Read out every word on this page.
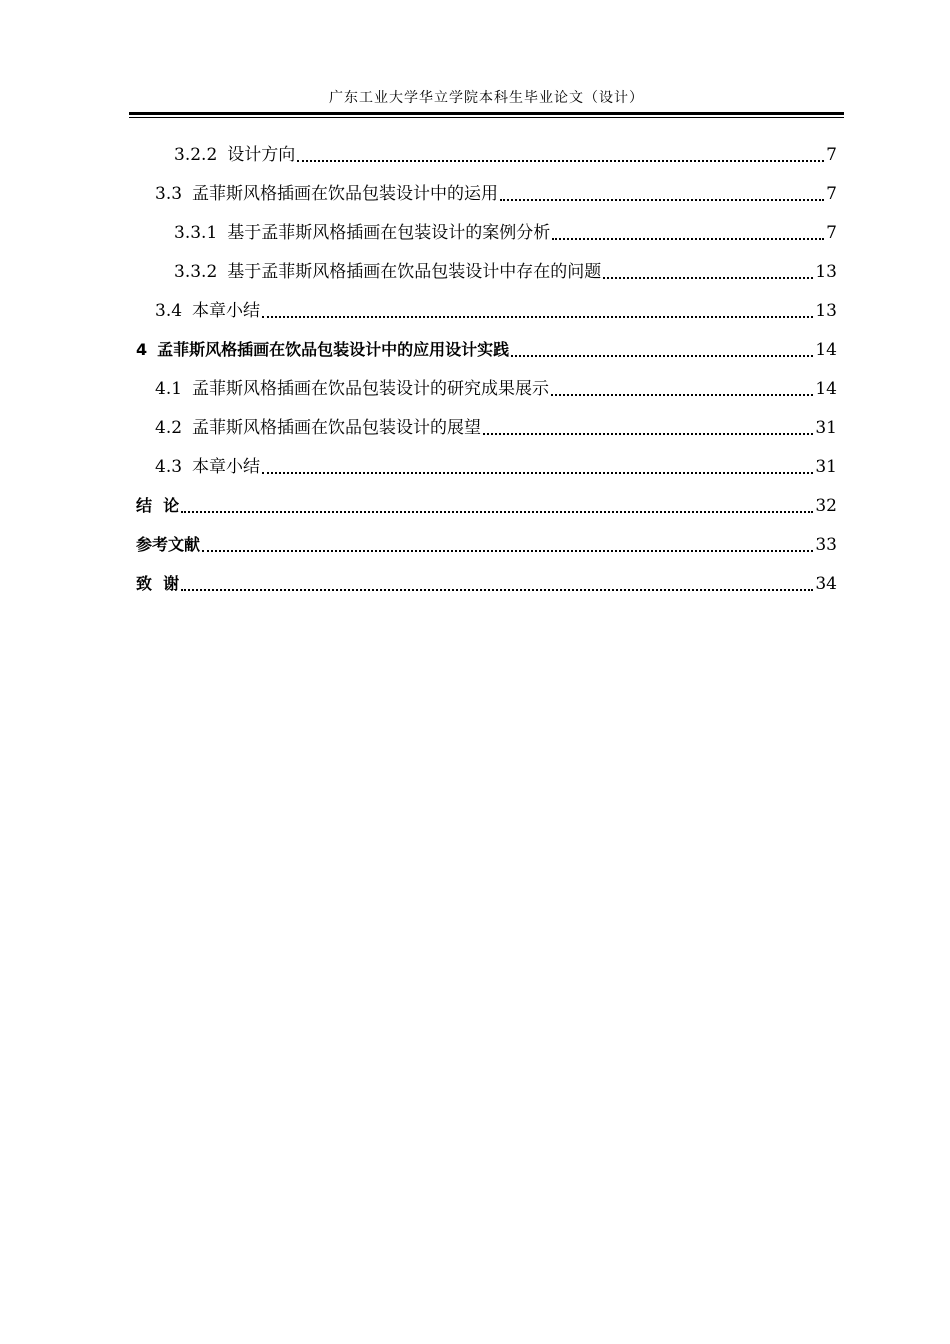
广东工业大学华立学院本科生毕业论文（设计）
3.2.2 设计方向	7
3.3 孟菲斯风格插画在饮品包装设计中的运用	7
3.3.1 基于孟菲斯风格插画在包装设计的案例分析	7
3.3.2 基于孟菲斯风格插画在饮品包装设计中存在的问题	13
3.4 本章小结	13
4 孟菲斯风格插画在饮品包装设计中的应用设计实践	14
4.1 孟菲斯风格插画在饮品包装设计的研究成果展示	14
4.2 孟菲斯风格插画在饮品包装设计的展望	31
4.3 本章小结	31
结  论	32
参考文献	33
致  谢	34
